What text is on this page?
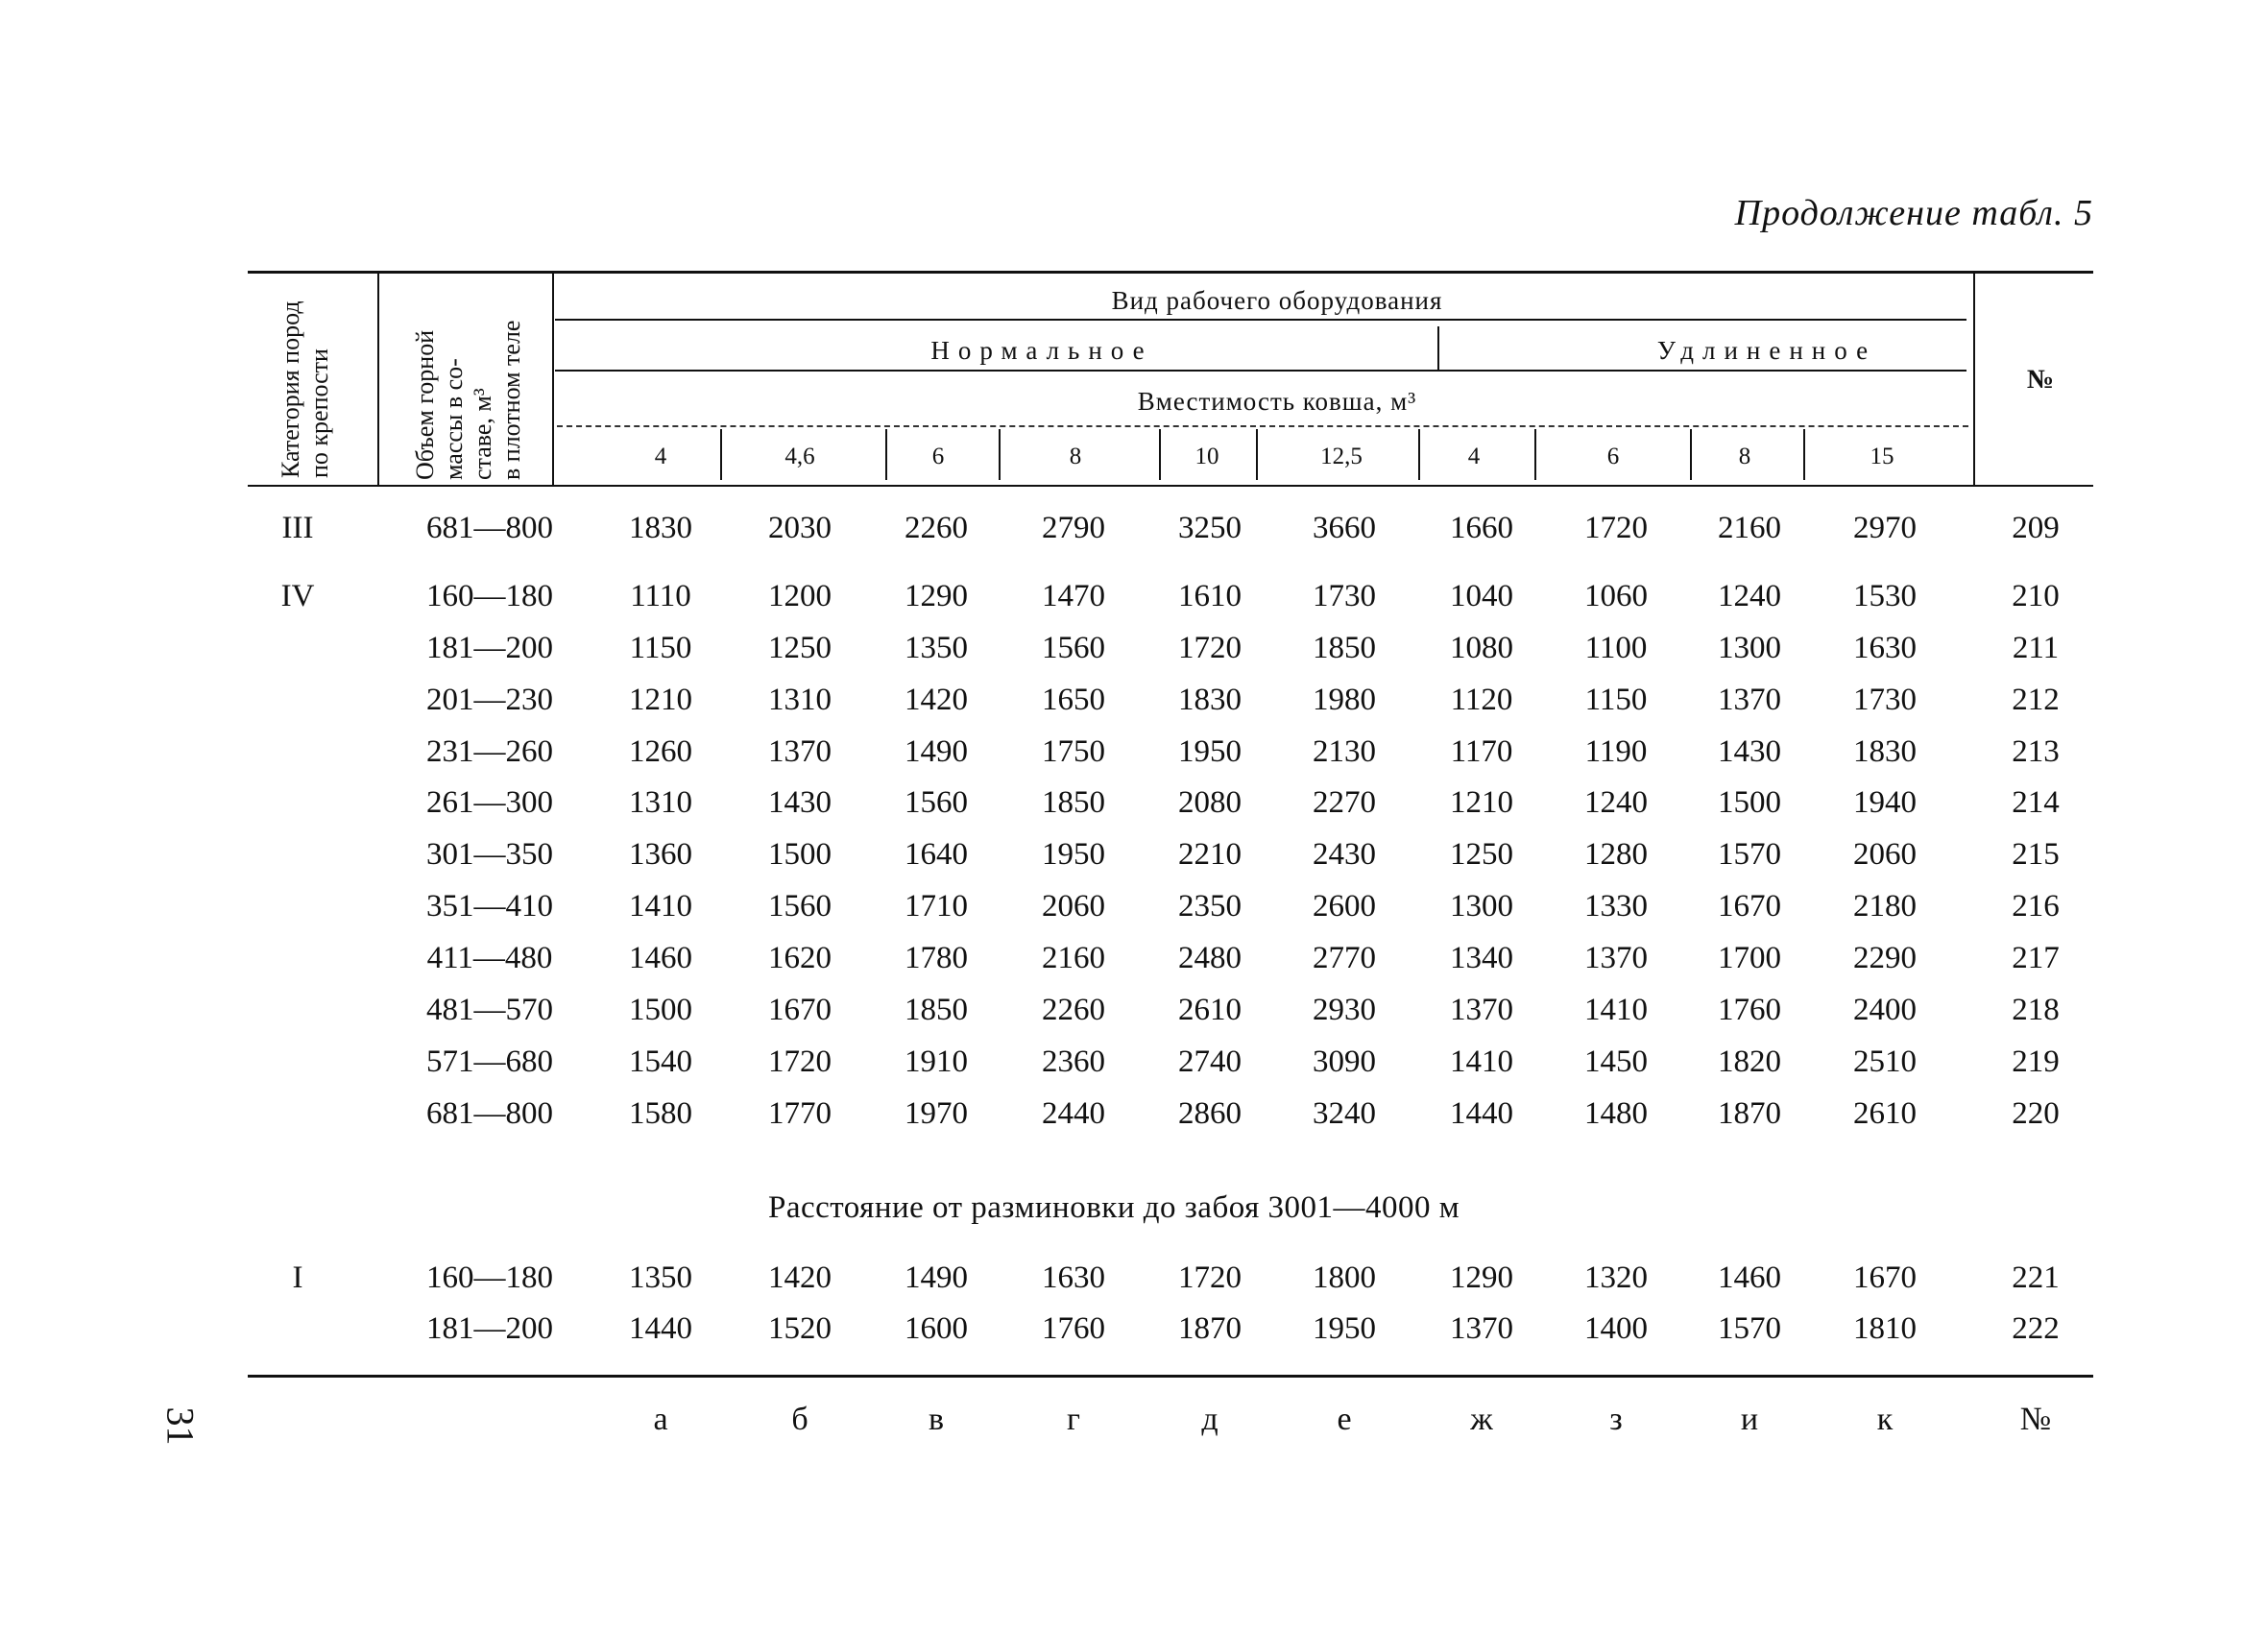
Продолжение табл. 5
31
Категория пород по крепости	Объем горной массы в со- ставе, м³ в плотном теле
Вид рабочего оборудования
Нормальное	Удлиненное
Вместимость ковша, м³
№
4	4,6	6	8	10	12,5	4	6	8	15
III	681—800	1830	2030	2260	2790	3250	3660	1660	1720	2160	2970	209
IV	160—180	1110	1200	1290	1470	1610	1730	1040	1060	1240	1530	210
181—200	1150	1250	1350	1560	1720	1850	1080	1100	1300	1630	211
201—230	1210	1310	1420	1650	1830	1980	1120	1150	1370	1730	212
231—260	1260	1370	1490	1750	1950	2130	1170	1190	1430	1830	213
261—300	1310	1430	1560	1850	2080	2270	1210	1240	1500	1940	214
301—350	1360	1500	1640	1950	2210	2430	1250	1280	1570	2060	215
351—410	1410	1560	1710	2060	2350	2600	1300	1330	1670	2180	216
411—480	1460	1620	1780	2160	2480	2770	1340	1370	1700	2290	217
481—570	1500	1670	1850	2260	2610	2930	1370	1410	1760	2400	218
571—680	1540	1720	1910	2360	2740	3090	1410	1450	1820	2510	219
681—800	1580	1770	1970	2440	2860	3240	1440	1480	1870	2610	220
Расстояние от разминовки до забоя 3001—4000 м
I	160—180	1350	1420	1490	1630	1720	1800	1290	1320	1460	1670	221
181—200	1440	1520	1600	1760	1870	1950	1370	1400	1570	1810	222
а	б	в	г	д	е	ж	з	и	к	№
